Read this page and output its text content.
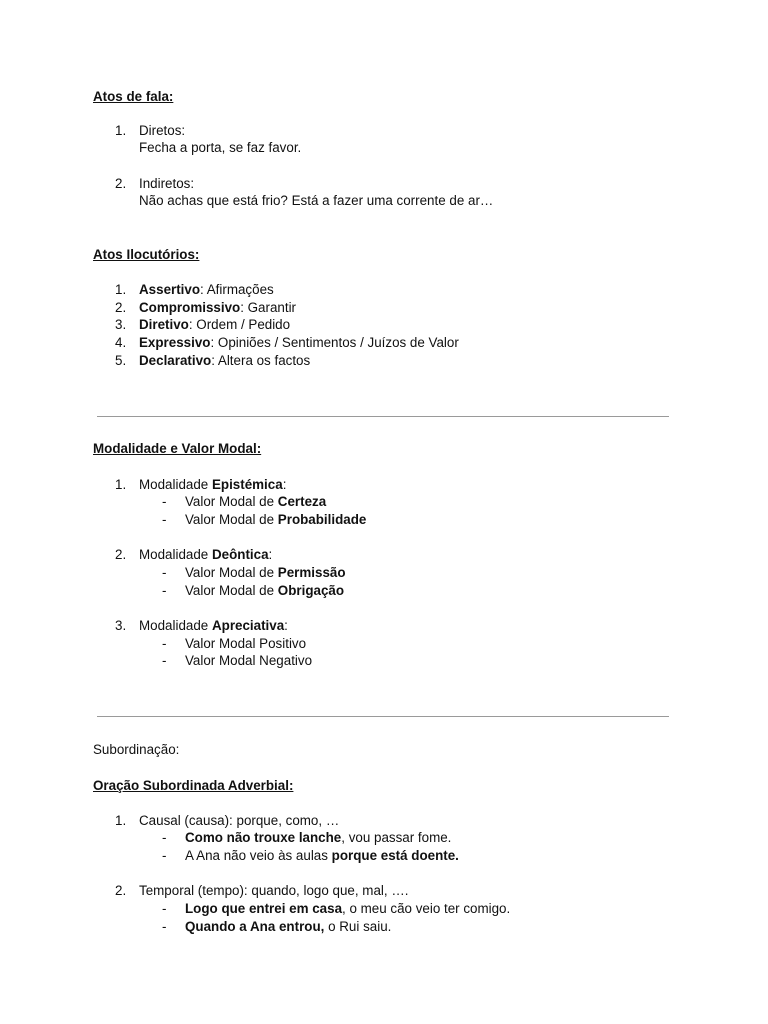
Atos de fala:
1. Diretos:
Fecha a porta, se faz favor.
2. Indiretos:
Não achas que está frio? Está a fazer uma corrente de ar…
Atos Ilocutórios:
1. Assertivo: Afirmações
2. Compromissivo: Garantir
3. Diretivo: Ordem / Pedido
4. Expressivo: Opiniões / Sentimentos / Juízos de Valor
5. Declarativo: Altera os factos
Modalidade e Valor Modal:
1. Modalidade Epistémica:
- Valor Modal de Certeza
- Valor Modal de Probabilidade
2. Modalidade Deôntica:
- Valor Modal de Permissão
- Valor Modal de Obrigação
3. Modalidade Apreciativa:
- Valor Modal Positivo
- Valor Modal Negativo
Subordinação:
Oração Subordinada Adverbial:
1. Causal (causa): porque, como, …
- Como não trouxe lanche, vou passar fome.
- A Ana não veio às aulas porque está doente.
2. Temporal (tempo): quando, logo que, mal, ….
- Logo que entrei em casa, o meu cão veio ter comigo.
- Quando a Ana entrou, o Rui saiu.
